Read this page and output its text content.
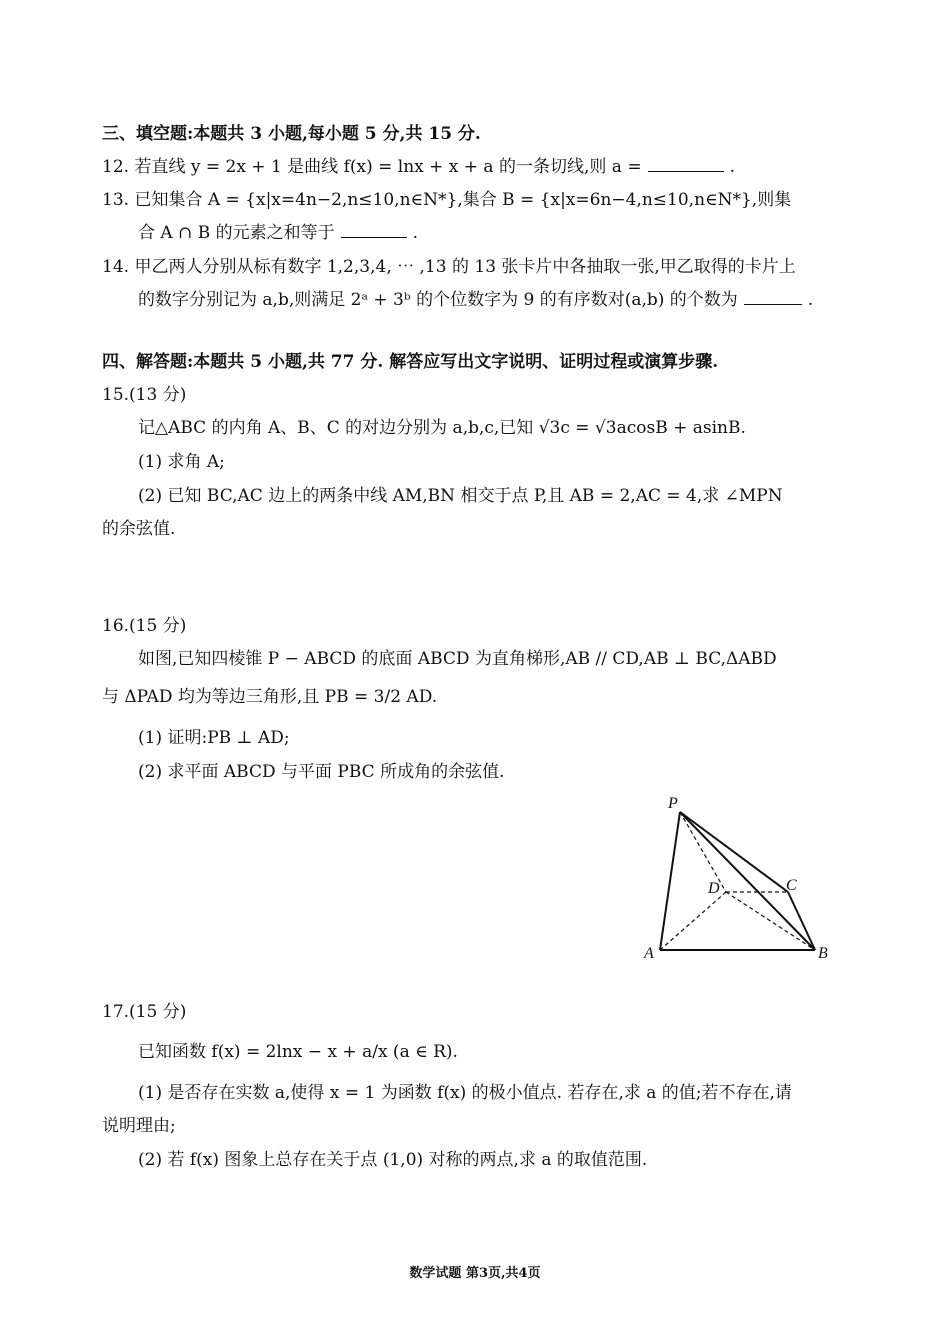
三、填空题:本题共 3 小题,每小题 5 分,共 15 分.
12. 若直线 y = 2x + 1 是曲线 f(x) = lnx + x + a 的一条切线,则 a =	.
13. 已知集合 A = {x|x=4n−2,n≤10,n∈N*},集合 B = {x|x=6n−4,n≤10,n∈N*},则集
合 A ∩ B 的元素之和等于	.
14. 甲乙两人分别从标有数字 1,2,3,4, ⋯ ,13 的 13 张卡片中各抽取一张,甲乙取得的卡片上
的数字分别记为 a,b,则满足 2ᵃ + 3ᵇ 的个位数字为 9 的有序数对(a,b) 的个数为	.
四、解答题:本题共 5 小题,共 77 分. 解答应写出文字说明、证明过程或演算步骤.
15.(13 分)
记△ABC 的内角 A、B、C 的对边分别为 a,b,c,已知 √3c = √3acosB + asinB.
(1) 求角 A;
(2) 已知 BC,AC 边上的两条中线 AM,BN 相交于点 P,且 AB = 2,AC = 4,求 ∠MPN
的余弦值.
16.(15 分)
如图,已知四棱锥 P − ABCD 的底面 ABCD 为直角梯形,AB // CD,AB ⊥ BC,ΔABD
与 ΔPAD 均为等边三角形,且 PB = 3/2 AD.
(1) 证明:PB ⊥ AD;
(2) 求平面 ABCD 与平面 PBC 所成角的余弦值.
P
A	B
C
D
17.(15 分)
已知函数 f(x) = 2lnx − x + a/x (a ∈ R).
(1) 是否存在实数 a,使得 x = 1 为函数 f(x) 的极小值点. 若存在,求 a 的值;若不存在,请
说明理由;
(2) 若 f(x) 图象上总存在关于点 (1,0) 对称的两点,求 a 的取值范围.
数学试题 第3页,共4页
